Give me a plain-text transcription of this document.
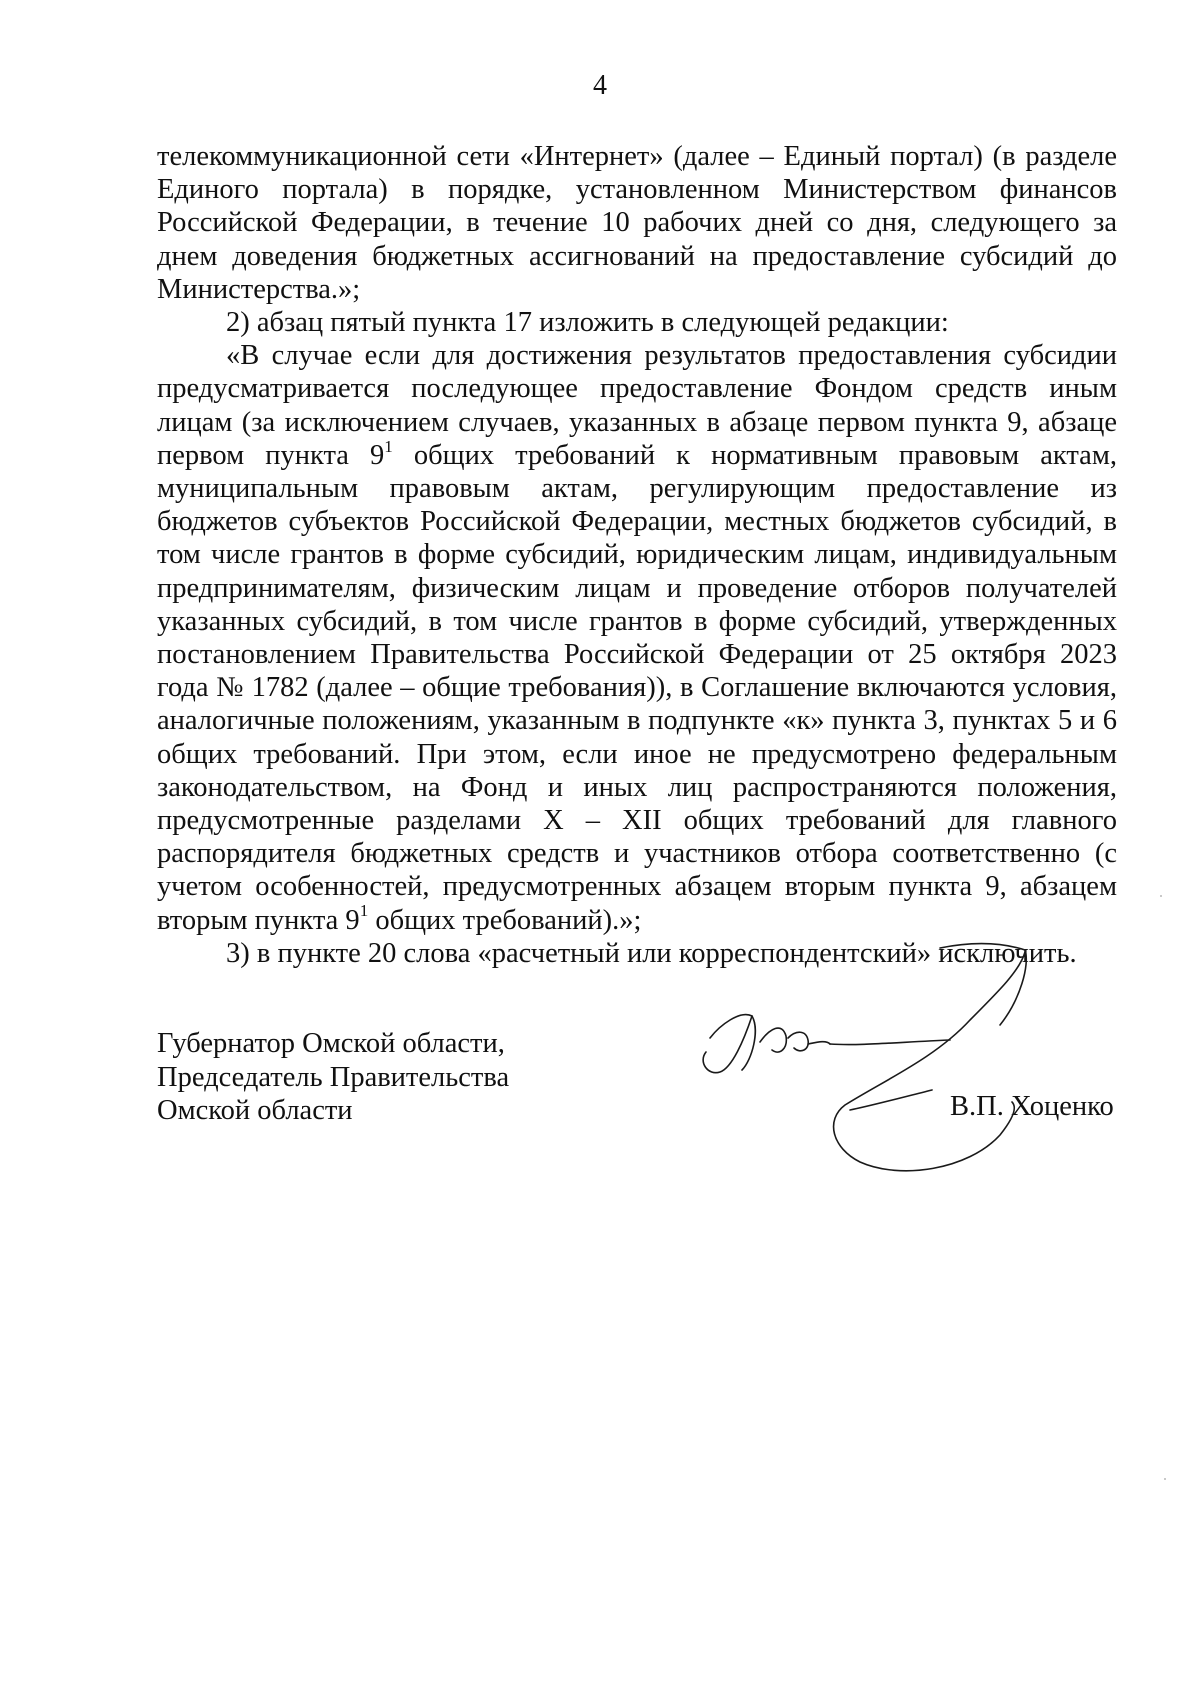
4

телекоммуникационной сети «Интернет» (далее – Единый портал) (в разделе Единого портала) в порядке, установленном Министерством финансов Российской Федерации, в течение 10 рабочих дней со дня, следующего за днем доведения бюджетных ассигнований на предоставление субсидий до Министерства.»;

2) абзац пятый пункта 17 изложить в следующей редакции:

«В случае если для достижения результатов предоставления субсидии предусматривается последующее предоставление Фондом средств иным лицам (за исключением случаев, указанных в абзаце первом пункта 9, абзаце первом пункта $9^1$ общих требований к нормативным правовым актам, муниципальным правовым актам, регулирующим предоставление из бюджетов субъектов Российской Федерации, местных бюджетов субсидий, в том числе грантов в форме субсидий, юридическим лицам, индивидуальным предпринимателям, физическим лицам и проведение отборов получателей указанных субсидий, в том числе грантов в форме субсидий, утвержденных постановлением Правительства Российской Федерации от 25 октября 2023 года № 1782 (далее – общие требования)), в Соглашение включаются условия, аналогичные положениям, указанным в подпункте «к» пункта 3, пунктах 5 и 6 общих требований. При этом, если иное не предусмотрено федеральным законодательством, на Фонд и иных лиц распространяются положения, предусмотренные разделами X – XII общих требований для главного распорядителя бюджетных средств и участников отбора соответственно (с учетом особенностей, предусмотренных абзацем вторым пункта 9, абзацем вторым пункта $9^1$ общих требований).»;

3) в пункте 20 слова «расчетный или корреспондентский» исключить.

Губернатор Омской области,
Председатель Правительства
Омской области	В.П. Хоценко
